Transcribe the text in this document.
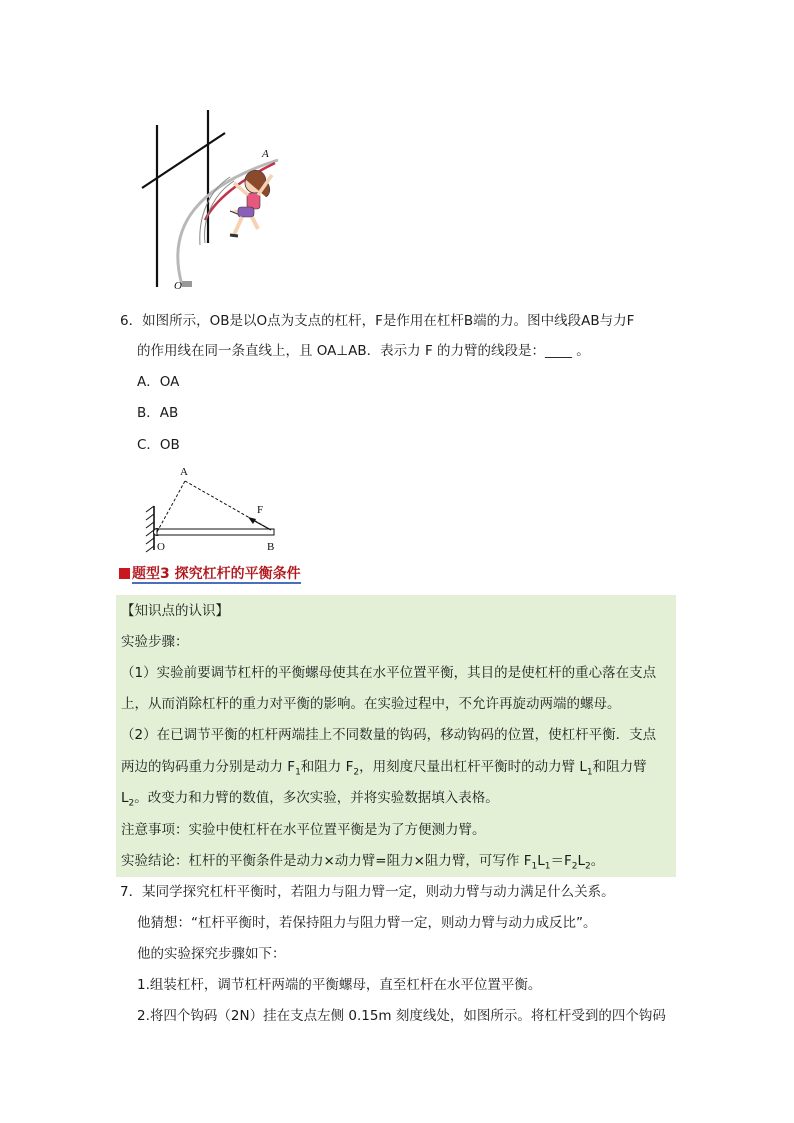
A
O
6．如图所示，OB是以O点为支点的杠杆，F是作用在杠杆B端的力。图中线段AB与力F
的作用线在同一条直线上，且 OA⊥AB．表示力 F 的力臂的线段是：____ 。
A．OA
B．AB
C．OB
A
F
O	B
题型3 探究杠杆的平衡条件
【知识点的认识】
实验步骤：
（1）实验前要调节杠杆的平衡螺母使其在水平位置平衡，其目的是使杠杆的重心落在支点
上，从而消除杠杆的重力对平衡的影响。在实验过程中，不允许再旋动两端的螺母。
（2）在已调节平衡的杠杆两端挂上不同数量的钩码，移动钩码的位置，使杠杆平衡．支点
两边的钩码重力分别是动力 $F_1$和阻力 $F_2$，用刻度尺量出杠杆平衡时的动力臂 $L_1$和阻力臂
$L_2$。改变力和力臂的数值，多次实验，并将实验数据填入表格。
注意事项：实验中使杠杆在水平位置平衡是为了方便测力臂。
实验结论：杠杆的平衡条件是动力×动力臂=阻力×阻力臂，可写作 $F_1L_1=F_2L_2$。
7．某同学探究杠杆平衡时，若阻力与阻力臂一定，则动力臂与动力满足什么关系。
他猜想：“杠杆平衡时，若保持阻力与阻力臂一定，则动力臂与动力成反比”。
他的实验探究步骤如下：
1.组装杠杆，调节杠杆两端的平衡螺母，直至杠杆在水平位置平衡。
2.将四个钩码（2N）挂在支点左侧 0.15m 刻度线处，如图所示。将杠杆受到的四个钩码
